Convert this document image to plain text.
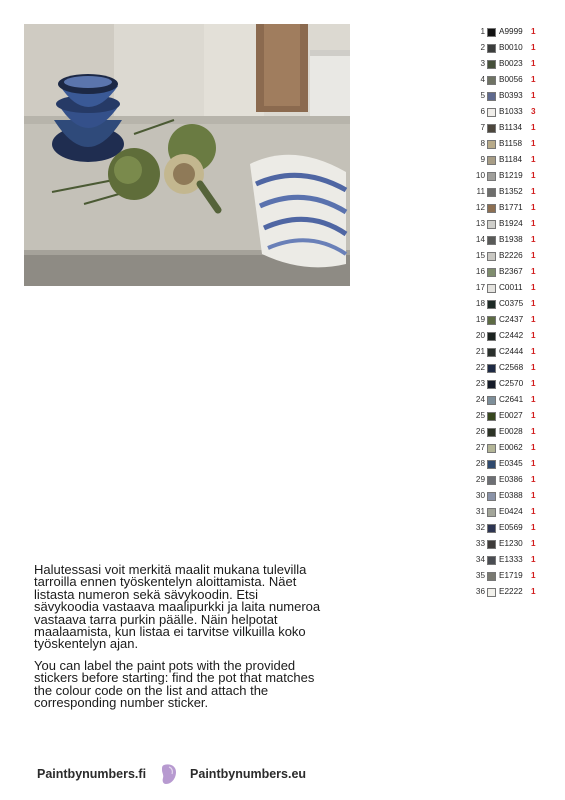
1 A9999	1
2 B0010	1
3 B0023	1
4 B0056	1
5 B0393	1
6 B1033	3
7 B1134	1
8 B1158	1
9 B1184	1
10 B1219	1
11 B1352	1
12 B1771	1
13 B1924	1
14 B1938	1
15 B2226	1
16 B2367	1
17 C0011	1
18 C0375 1
19 C2437 1
20 C2442 1
21 C2444 1
22 C2568 1
23 C2570 1
24 C2641 1
25 E0027	1
26 E0028	1
27 E0062	1
28 E0345	1
29 E0386	1
30 E0388	1
31 E0424	1
32 E0569	1
33 E1230	1
34 E1333	1
35 E1719	1
36 E2222	1

Halutessasi voit merkitä maalit mukana tulevilla tarroilla ennen työskentelyn aloittamista. Näet listasta numeron sekä sävykoodin. Etsi sävykoodia vastaava maalipurkki ja laita numeroa vastaava tarra purkin päälle. Näin helpotat maalaamista, kun listaa ei tarvitse vilkuilla koko työskentelyn ajan.

You can label the paint pots with the provided stickers before starting: find the pot that matches the colour code on the list and attach the corresponding number sticker.

Paintbynumbers.fi	Paintbynumbers.eu
